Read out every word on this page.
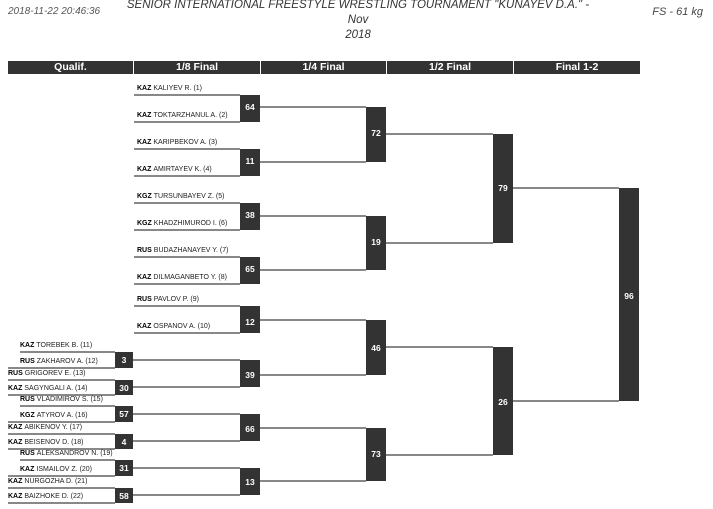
2018-11-22 20:46:36
SENIOR INTERNATIONAL FREESTYLE WRESTLING TOURNAMENT "KUNAYEV D.A." - Nov
2018
FS - 61 kg
Qualif.	1/8 Final	1/4 Final	1/2 Final	Final 1-2
KAZ KALIYEV R. (1)
KAZ TOKTARZHANUL A. (2)
KAZ KARIPBEKOV A. (3)
KAZ AMIRTAYEV K. (4)
KGZ TURSUNBAYEV Z. (5)
KGZ KHADZHIMUROD I. (6)
RUS BUDAZHANAYEV Y. (7)
KAZ DILMAGANBETO Y. (8)
RUS PAVLOV P. (9)
KAZ OSPANOV A. (10)
KAZ TOREBEK B. (11)
RUS ZAKHAROV A. (12)
RUS GRIGOREV E. (13)
KAZ SAGYNGALI A. (14)
RUS VLADIMIROV S. (15)
KGZ ATYROV A. (16)
KAZ ABIKENOV Y. (17)
KAZ BEISENOV D. (18)
RUS ALEKSANDROV N. (19)
KAZ ISMAILOV Z. (20)
KAZ NURGOZHA D. (21)
KAZ BAIZHOKE D. (22)
3
30
57
4
31
58
64
11
38
65
12
39
66
13
72
19
46
73
79
26
96
